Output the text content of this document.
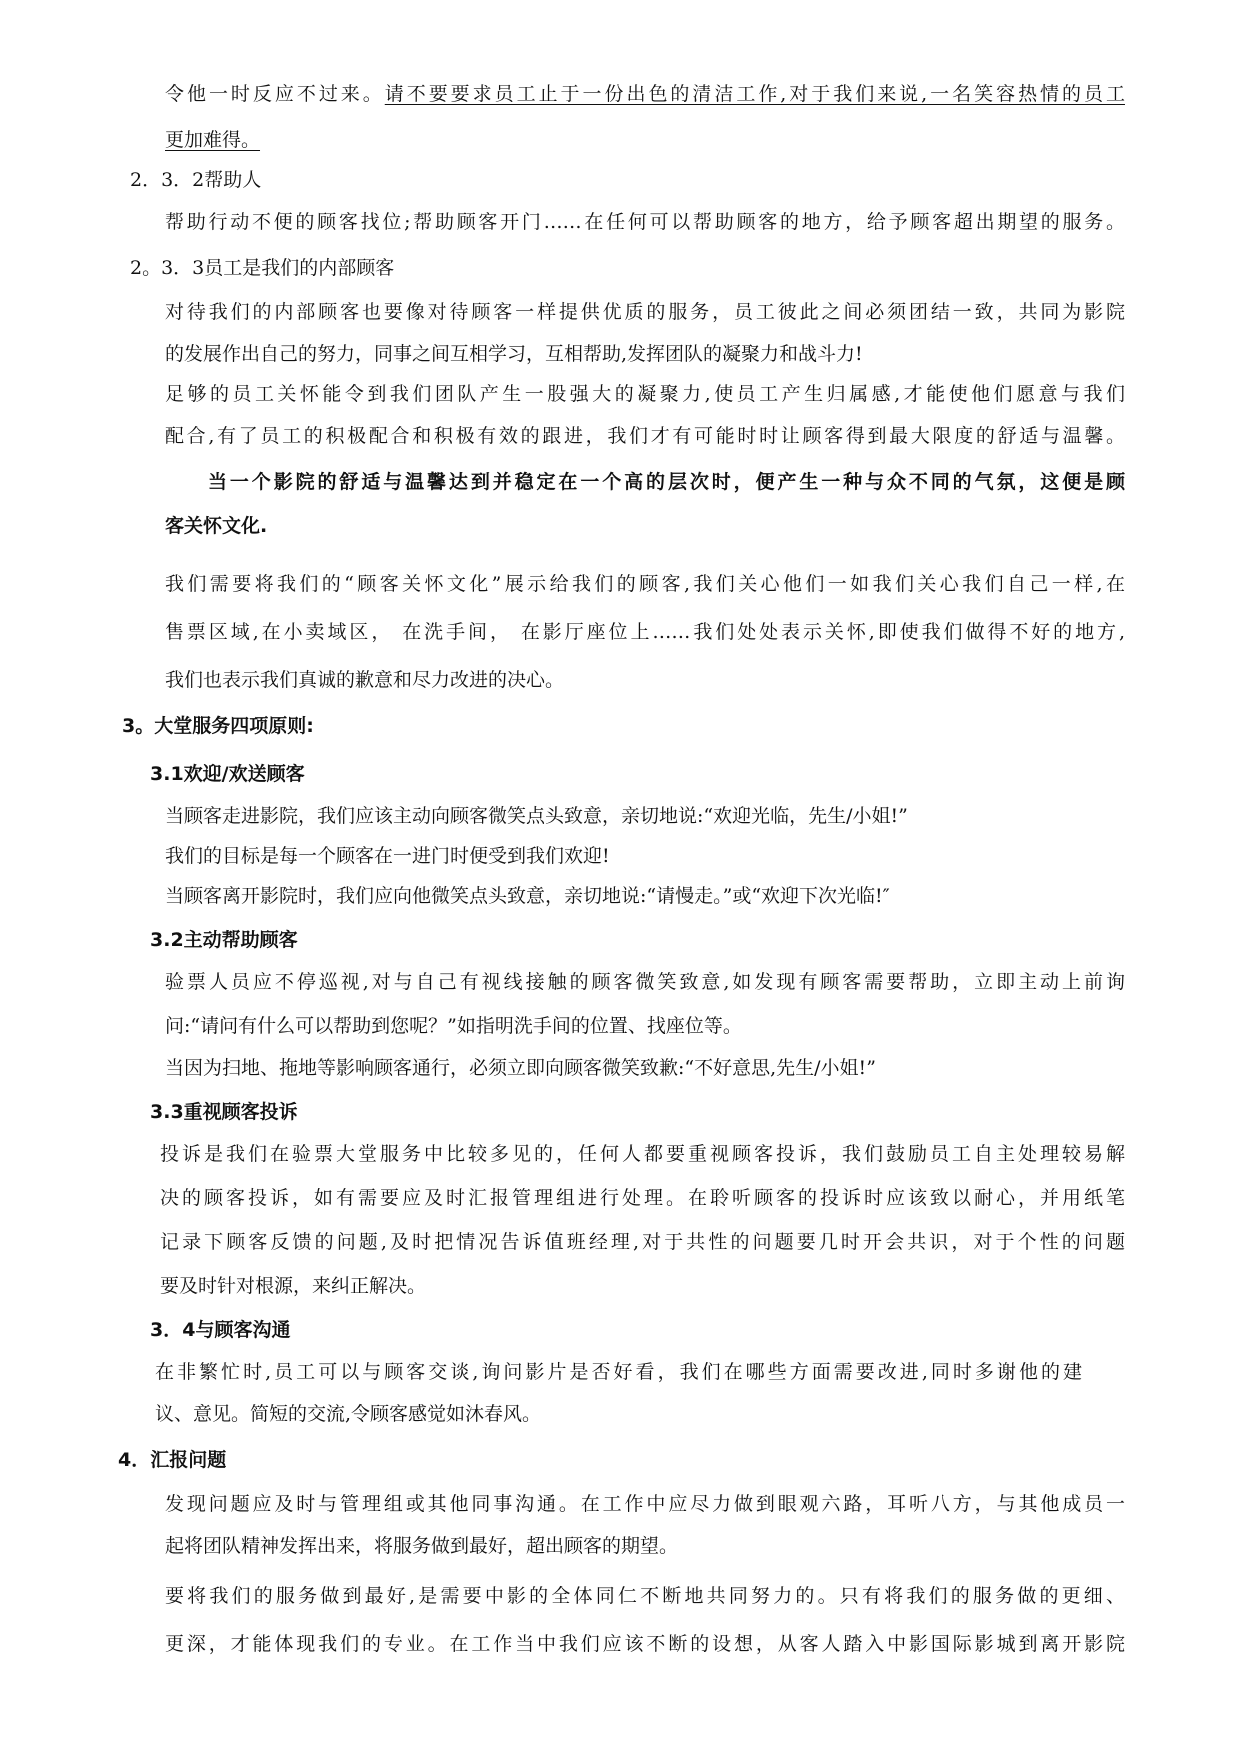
令他一时反应不过来。请不要要求员工止于一份出色的清洁工作,对于我们来说,一名笑容热情的员工
更加难得。
2．3．2帮助人
帮助行动不便的顾客找位;帮助顾客开门……在任何可以帮助顾客的地方，给予顾客超出期望的服务。
2。3．3员工是我们的内部顾客
对待我们的内部顾客也要像对待顾客一样提供优质的服务，员工彼此之间必须团结一致，共同为影院
的发展作出自己的努力，同事之间互相学习，互相帮助,发挥团队的凝聚力和战斗力!
足够的员工关怀能令到我们团队产生一股强大的凝聚力,使员工产生归属感,才能使他们愿意与我们
配合,有了员工的积极配合和积极有效的跟进，我们才有可能时时让顾客得到最大限度的舒适与温馨。
当一个影院的舒适与温馨达到并稳定在一个高的层次时，便产生一种与众不同的气氛，这便是顾
客关怀文化.
我们需要将我们的“顾客关怀文化”展示给我们的顾客,我们关心他们一如我们关心我们自己一样,在
售票区域,在小卖域区， 在洗手间， 在影厅座位上……我们处处表示关怀,即使我们做得不好的地方,
我们也表示我们真诚的歉意和尽力改进的决心。
3。大堂服务四项原则:
3.1欢迎/欢送顾客
当顾客走进影院，我们应该主动向顾客微笑点头致意，亲切地说:“欢迎光临，先生/小姐!”
我们的目标是每一个顾客在一进门时便受到我们欢迎!
当顾客离开影院时，我们应向他微笑点头致意，亲切地说:“请慢走。”或“欢迎下次光临!″
3.2主动帮助顾客
验票人员应不停巡视,对与自己有视线接触的顾客微笑致意,如发现有顾客需要帮助，立即主动上前询
问:“请问有什么可以帮助到您呢？”如指明洗手间的位置、找座位等。
当因为扫地、拖地等影响顾客通行，必须立即向顾客微笑致歉:“不好意思,先生/小姐!”
3.3重视顾客投诉
投诉是我们在验票大堂服务中比较多见的，任何人都要重视顾客投诉，我们鼓励员工自主处理较易解
决的顾客投诉，如有需要应及时汇报管理组进行处理。在聆听顾客的投诉时应该致以耐心，并用纸笔
记录下顾客反馈的问题,及时把情况告诉值班经理,对于共性的问题要几时开会共识，对于个性的问题
要及时针对根源，来纠正解决。
3．4与顾客沟通
在非繁忙时,员工可以与顾客交谈,询问影片是否好看，我们在哪些方面需要改进,同时多谢他的建
议、意见。简短的交流,令顾客感觉如沐春风。
4．汇报问题
发现问题应及时与管理组或其他同事沟通。在工作中应尽力做到眼观六路，耳听八方，与其他成员一
起将团队精神发挥出来，将服务做到最好，超出顾客的期望。
要将我们的服务做到最好,是需要中影的全体同仁不断地共同努力的。只有将我们的服务做的更细、
更深，才能体现我们的专业。在工作当中我们应该不断的设想，从客人踏入中影国际影城到离开影院
